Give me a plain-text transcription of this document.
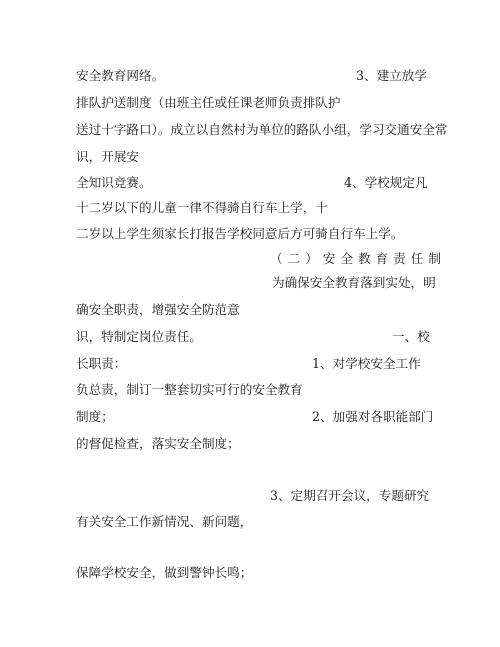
安全教育网络。	3、建立放学
排队护送制度（由班主任或任课老师负责排队护
送过十字路口）。成立以自然村为单位的路队小组，学习交通安全常
识，开展安
全知识竞赛。	4、学校规定凡
十二岁以下的儿童一律不得骑自行车上学，十
二岁以上学生须家长打报告学校同意后方可骑自行车上学。
（二）安全教育责任制
为确保安全教育落到实处，明
确安全职责，增强安全防范意
识，特制定岗位责任。	一、校
长职责：	1、对学校安全工作
负总责，制订一整套切实可行的安全教育
制度；	2、加强对各职能部门
的督促检查，落实安全制度；
3、定期召开会议，专题研究
有关安全工作新情况、新问题，
保障学校安全，做到警钟长鸣；
